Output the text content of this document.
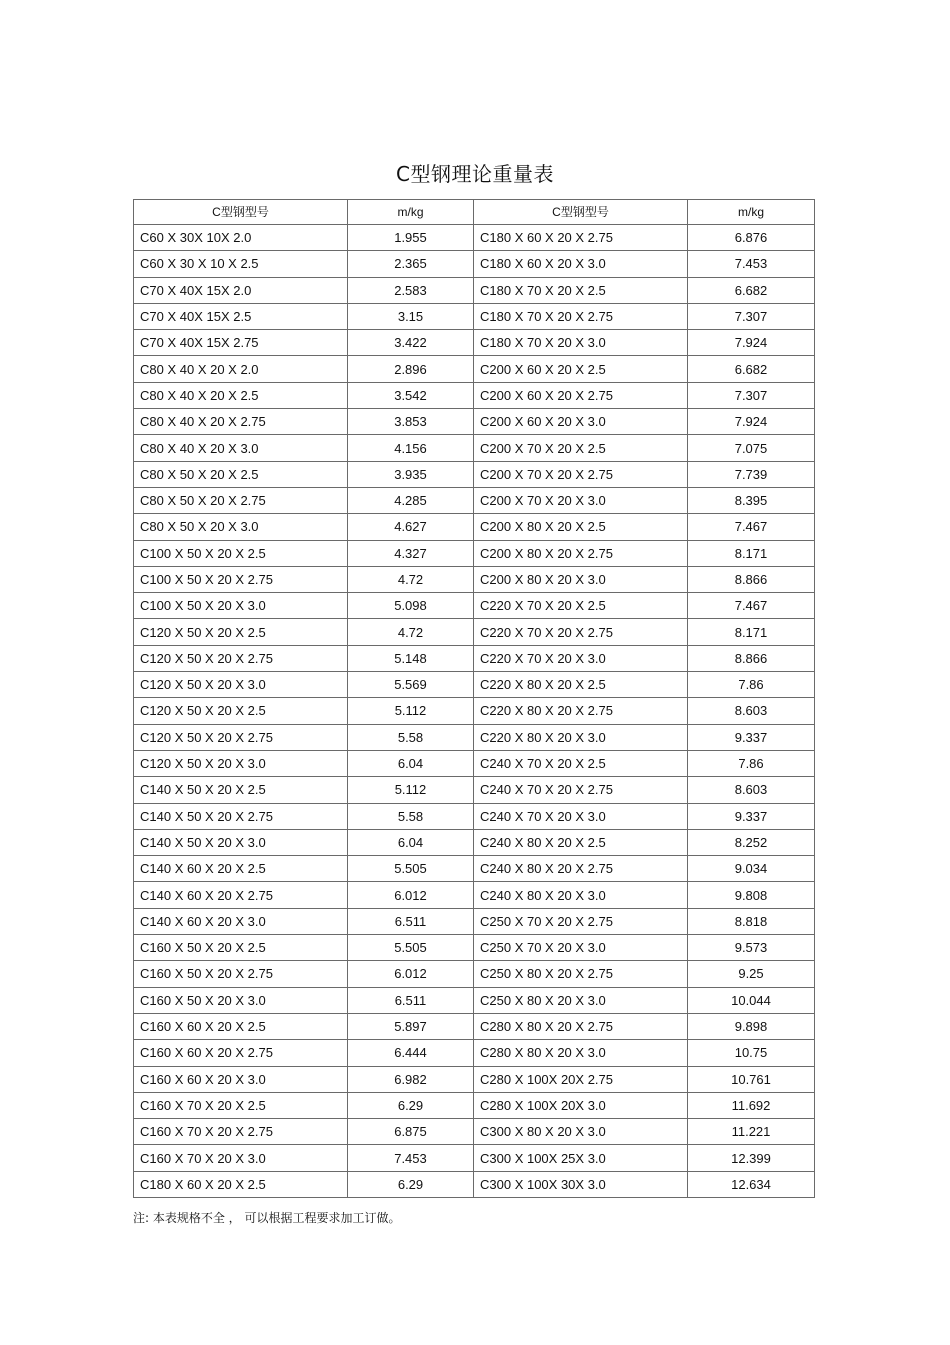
C型钢理论重量表
C型钢型号	m/kg	C型钢型号	m/kg
C60 X 30X 10X 2.0	1.955	C180 X 60 X 20 X 2.75	6.876
C60 X 30 X 10 X 2.5	2.365	C180 X 60 X 20 X 3.0	7.453
C70 X 40X 15X 2.0	2.583	C180 X 70 X 20 X 2.5	6.682
C70 X 40X 15X 2.5	3.15	C180 X 70 X 20 X 2.75	7.307
C70 X 40X 15X 2.75	3.422	C180 X 70 X 20 X 3.0	7.924
C80 X 40 X 20 X 2.0	2.896	C200 X 60 X 20 X 2.5	6.682
C80 X 40 X 20 X 2.5	3.542	C200 X 60 X 20 X 2.75	7.307
C80 X 40 X 20 X 2.75	3.853	C200 X 60 X 20 X 3.0	7.924
C80 X 40 X 20 X 3.0	4.156	C200 X 70 X 20 X 2.5	7.075
C80 X 50 X 20 X 2.5	3.935	C200 X 70 X 20 X 2.75	7.739
C80 X 50 X 20 X 2.75	4.285	C200 X 70 X 20 X 3.0	8.395
C80 X 50 X 20 X 3.0	4.627	C200 X 80 X 20 X 2.5	7.467
C100 X 50 X 20 X 2.5	4.327	C200 X 80 X 20 X 2.75	8.171
C100 X 50 X 20 X 2.75	4.72	C200 X 80 X 20 X 3.0	8.866
C100 X 50 X 20 X 3.0	5.098	C220 X 70 X 20 X 2.5	7.467
C120 X 50 X 20 X 2.5	4.72	C220 X 70 X 20 X 2.75	8.171
C120 X 50 X 20 X 2.75	5.148	C220 X 70 X 20 X 3.0	8.866
C120 X 50 X 20 X 3.0	5.569	C220 X 80 X 20 X 2.5	7.86
C120 X 50 X 20 X 2.5	5.112	C220 X 80 X 20 X 2.75	8.603
C120 X 50 X 20 X 2.75	5.58	C220 X 80 X 20 X 3.0	9.337
C120 X 50 X 20 X 3.0	6.04	C240 X 70 X 20 X 2.5	7.86
C140 X 50 X 20 X 2.5	5.112	C240 X 70 X 20 X 2.75	8.603
C140 X 50 X 20 X 2.75	5.58	C240 X 70 X 20 X 3.0	9.337
C140 X 50 X 20 X 3.0	6.04	C240 X 80 X 20 X 2.5	8.252
C140 X 60 X 20 X 2.5	5.505	C240 X 80 X 20 X 2.75	9.034
C140 X 60 X 20 X 2.75	6.012	C240 X 80 X 20 X 3.0	9.808
C140 X 60 X 20 X 3.0	6.511	C250 X 70 X 20 X 2.75	8.818
C160 X 50 X 20 X 2.5	5.505	C250 X 70 X 20 X 3.0	9.573
C160 X 50 X 20 X 2.75	6.012	C250 X 80 X 20 X 2.75	9.25
C160 X 50 X 20 X 3.0	6.511	C250 X 80 X 20 X 3.0	10.044
C160 X 60 X 20 X 2.5	5.897	C280 X 80 X 20 X 2.75	9.898
C160 X 60 X 20 X 2.75	6.444	C280 X 80 X 20 X 3.0	10.75
C160 X 60 X 20 X 3.0	6.982	C280 X 100X 20X 2.75	10.761
C160 X 70 X 20 X 2.5	6.29	C280 X 100X 20X 3.0	11.692
C160 X 70 X 20 X 2.75	6.875	C300 X 80 X 20 X 3.0	11.221
C160 X 70 X 20 X 3.0	7.453	C300 X 100X 25X 3.0	12.399
C180 X 60 X 20 X 2.5	6.29	C300 X 100X 30X 3.0	12.634
注: 本表规格不全 ， 可以根据工程要求加工订做。
